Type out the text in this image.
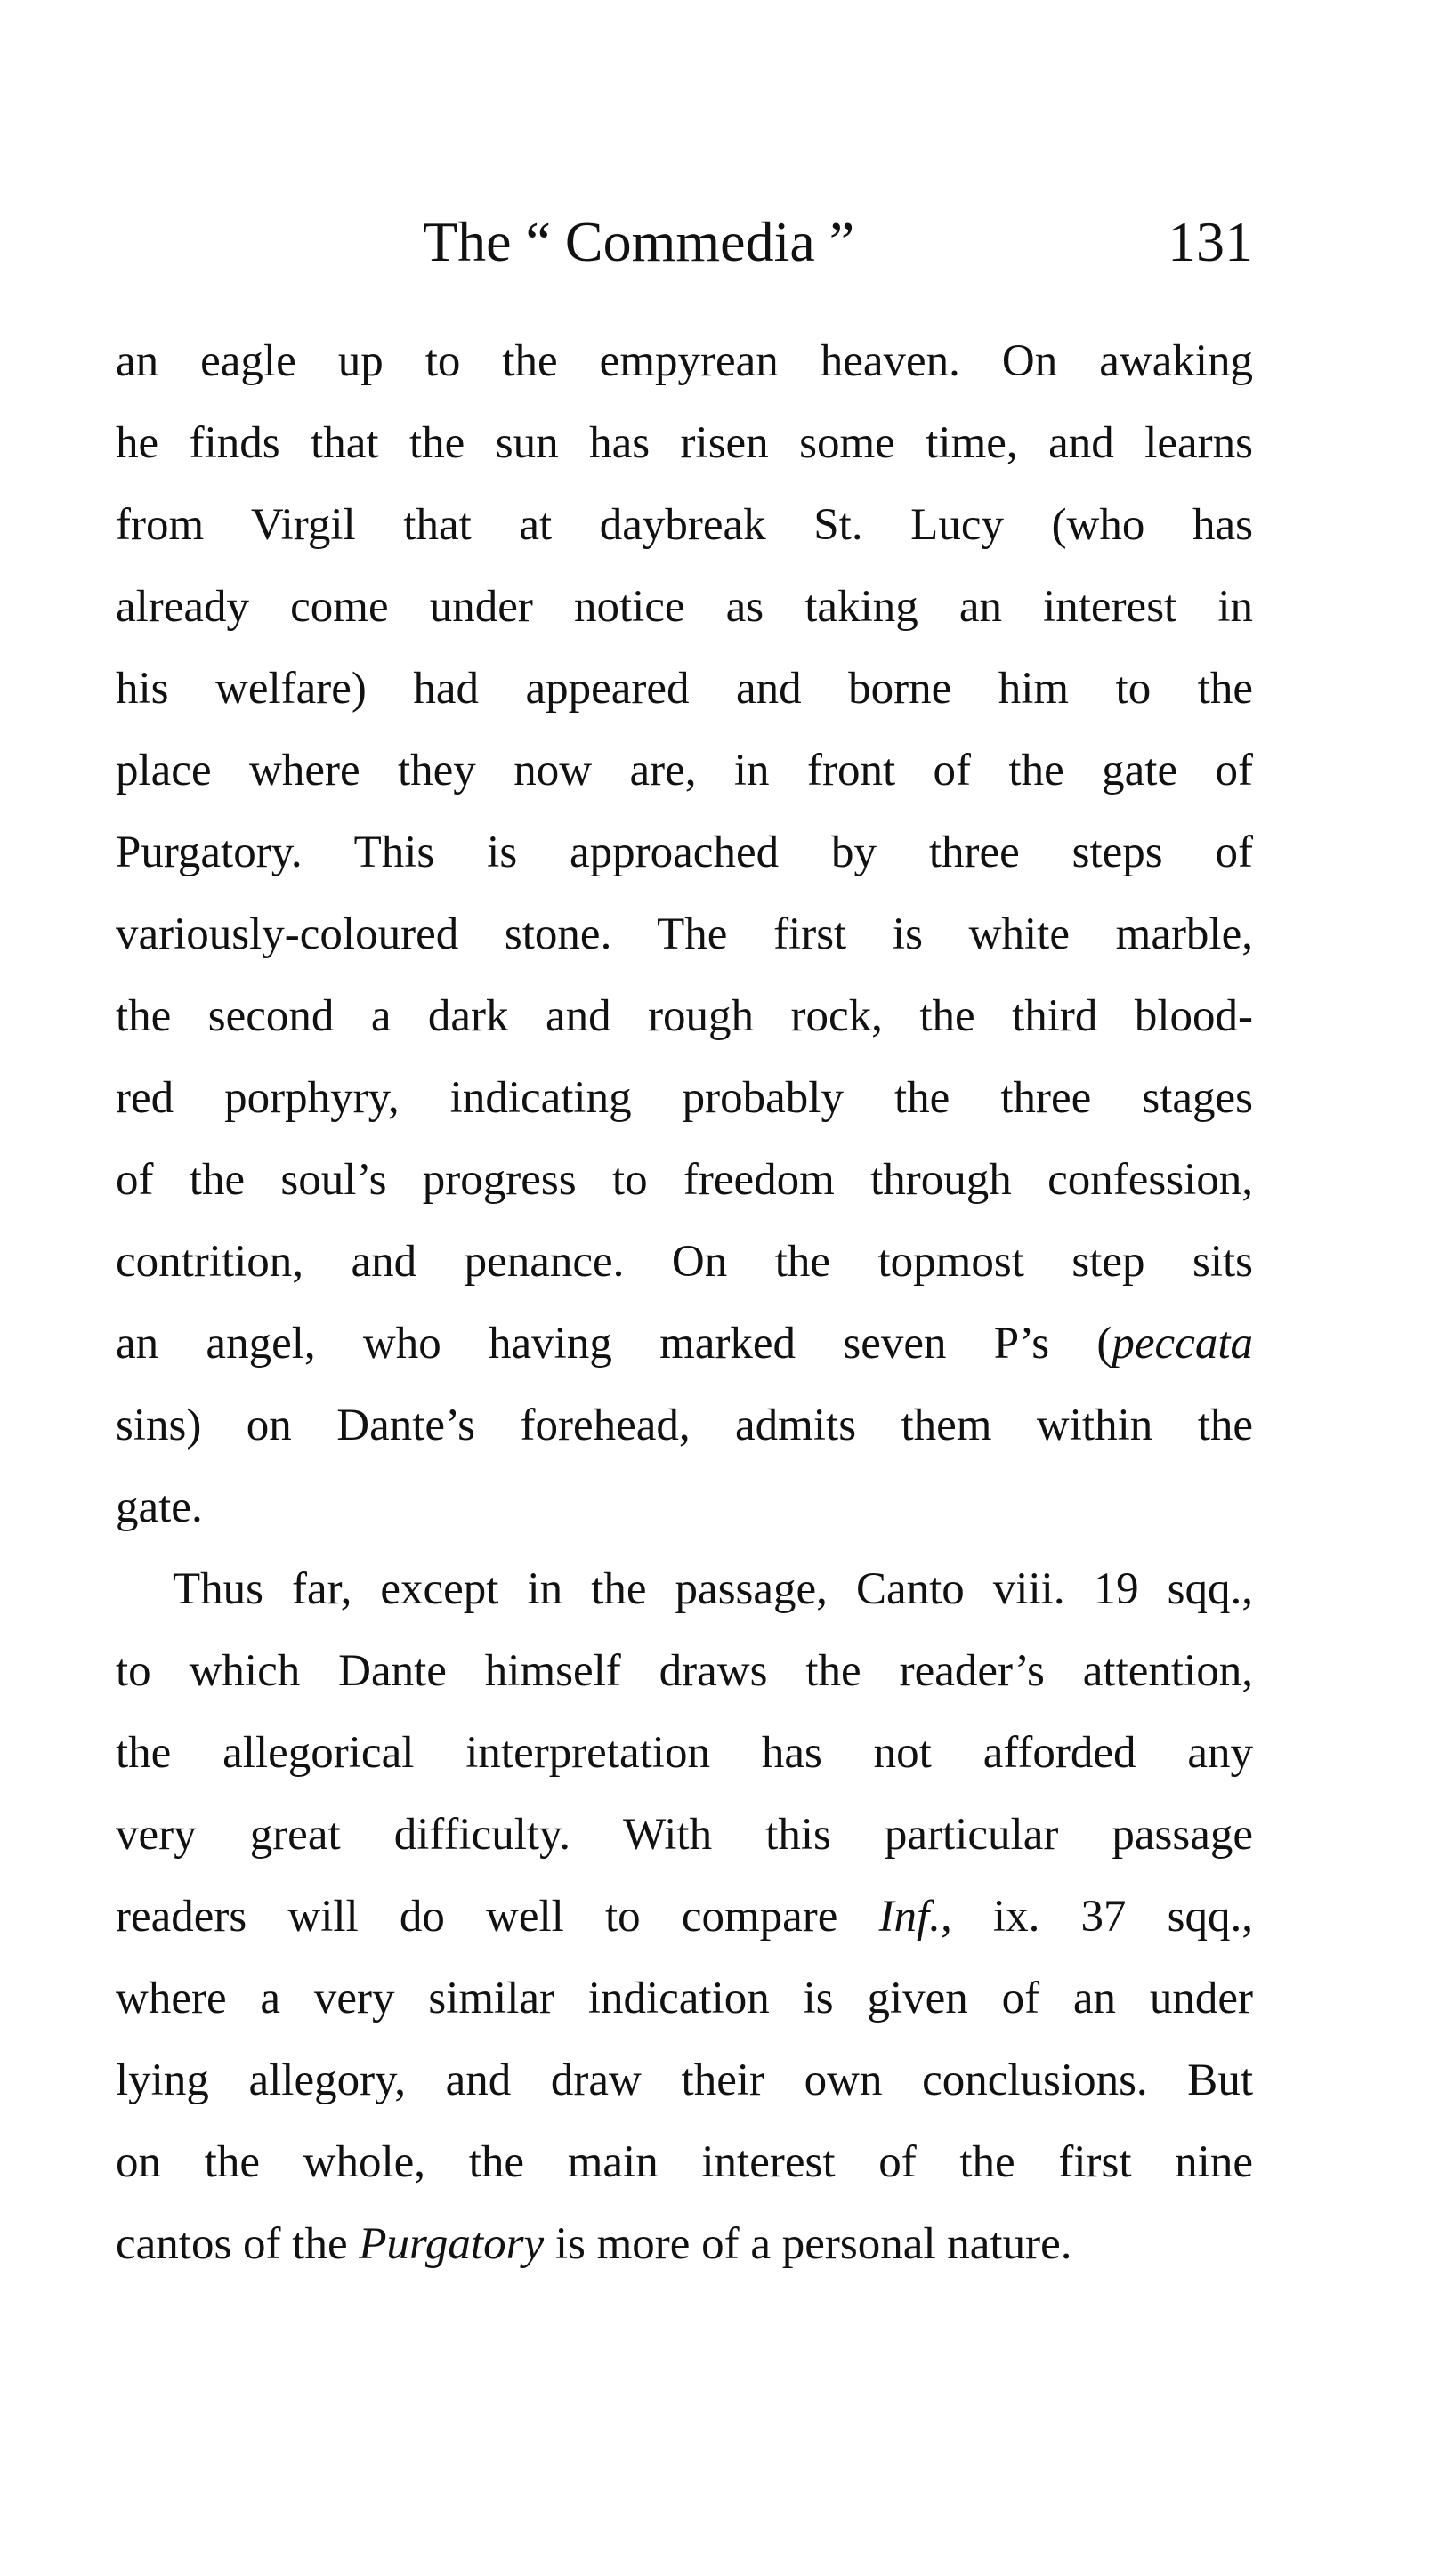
The “ Commedia ”	131
an eagle up to the empyrean heaven. On awaking
he finds that the sun has risen some time, and learns
from Virgil that at daybreak St. Lucy (who has
already come under notice as taking an interest in
his welfare) had appeared and borne him to the
place where they now are, in front of the gate of
Purgatory. This is approached by three steps of
variously-coloured stone. The first is white marble,
the second a dark and rough rock, the third blood-
red porphyry, indicating probably the three stages
of the soul’s progress to freedom through confession,
contrition, and penance. On the topmost step sits
an angel, who having marked seven P’s (peccata
sins) on Dante’s forehead, admits them within the
gate.
Thus far, except in the passage, Canto viii. 19 sqq.,
to which Dante himself draws the reader’s attention,
the allegorical interpretation has not afforded any
very great difficulty. With this particular passage
readers will do well to compare Inf., ix. 37 sqq.,
where a very similar indication is given of an under
lying allegory, and draw their own conclusions. But
on the whole, the main interest of the first nine
cantos of the Purgatory is more of a personal nature.
